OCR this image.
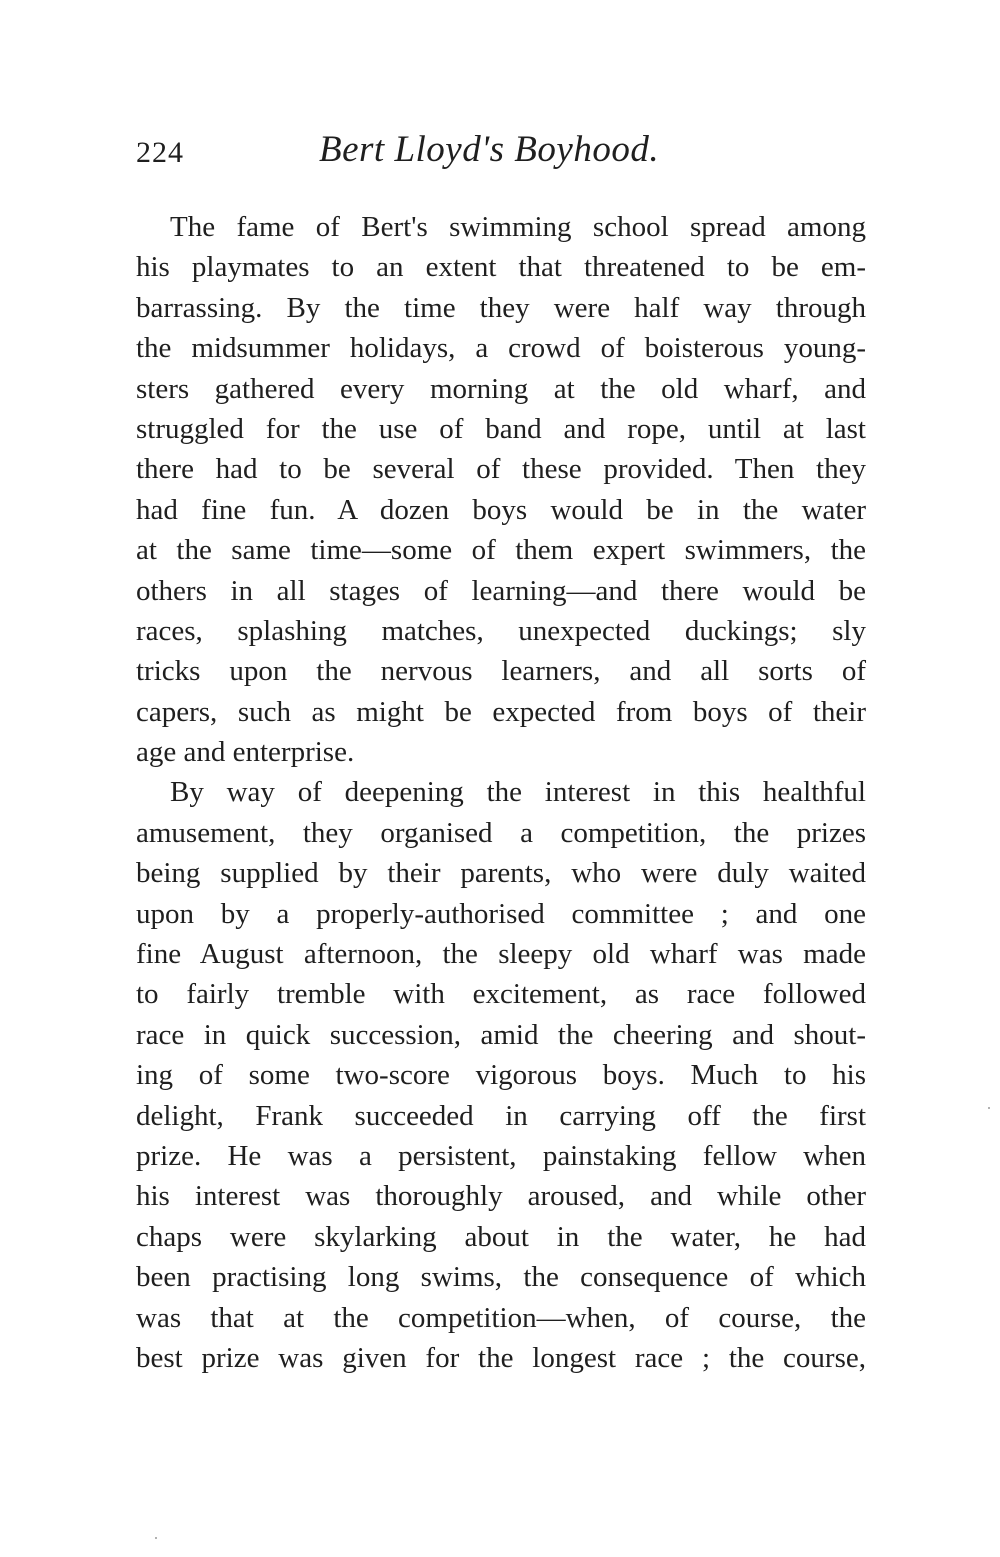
224	Bert Lloyd's Boyhood.
The fame of Bert's swimming school spread among
his playmates to an extent that threatened to be em-
barrassing. By the time they were half way through
the midsummer holidays, a crowd of boisterous young-
sters gathered every morning at the old wharf, and
struggled for the use of band and rope, until at last
there had to be several of these provided. Then they
had fine fun. A dozen boys would be in the water
at the same time—some of them expert swimmers, the
others in all stages of learning—and there would be
races, splashing matches, unexpected duckings; sly
tricks upon the nervous learners, and all sorts of
capers, such as might be expected from boys of their
age and enterprise.
By way of deepening the interest in this healthful
amusement, they organised a competition, the prizes
being supplied by their parents, who were duly waited
upon by a properly-authorised committee ; and one
fine August afternoon, the sleepy old wharf was made
to fairly tremble with excitement, as race followed
race in quick succession, amid the cheering and shout-
ing of some two-score vigorous boys. Much to his
delight, Frank succeeded in carrying off the first
prize. He was a persistent, painstaking fellow when
his interest was thoroughly aroused, and while other
chaps were skylarking about in the water, he had
been practising long swims, the consequence of which
was that at the competition—when, of course, the
best prize was given for the longest race ; the course,
